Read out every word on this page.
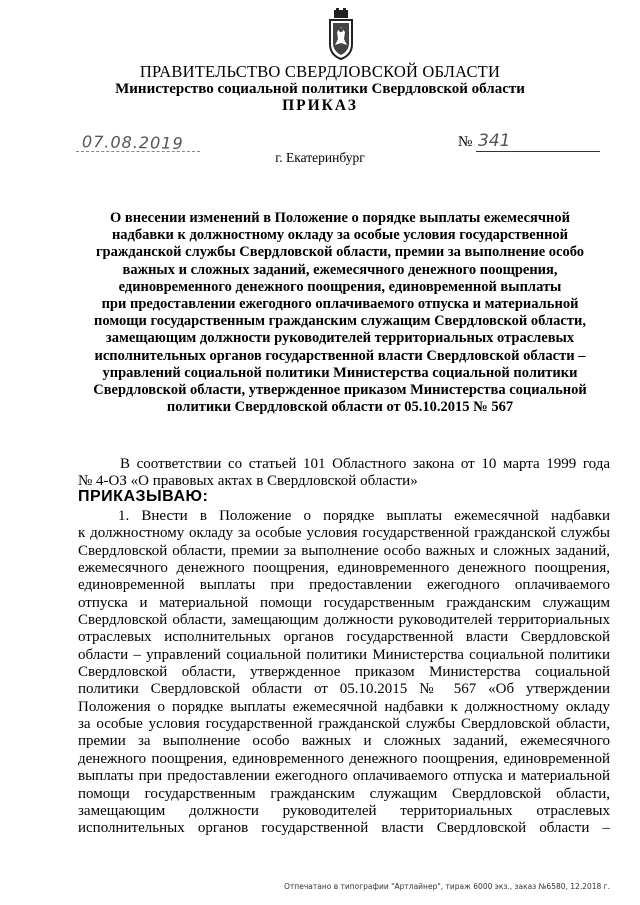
ПРАВИТЕЛЬСТВО СВЕРДЛОВСКОЙ ОБЛАСТИ
Министерство социальной политики Свердловской области
ПРИКАЗ
07.08.2019	№ 341
г. Екатеринбург
О внесении изменений в Положение о порядке выплаты ежемесячной
надбавки к должностному окладу за особые условия государственной
гражданской службы Свердловской области, премии за выполнение особо
важных и сложных заданий, ежемесячного денежного поощрения,
единовременного денежного поощрения, единовременной выплаты
при предоставлении ежегодного оплачиваемого отпуска и материальной
помощи государственным гражданским служащим Свердловской области,
замещающим должности руководителей территориальных отраслевых
исполнительных органов государственной власти Свердловской области –
управлений социальной политики Министерства социальной политики
Свердловской области, утвержденное приказом Министерства социальной
политики Свердловской области от 05.10.2015 № 567
В соответствии со статьей 101 Областного закона от 10 марта 1999 года
№ 4-ОЗ «О правовых актах в Свердловской области»
ПРИКАЗЫВАЮ:
1. Внести в Положение о порядке выплаты ежемесячной надбавки
к должностному окладу за особые условия государственной гражданской службы
Свердловской области, премии за выполнение особо важных и сложных заданий,
ежемесячного денежного поощрения, единовременного денежного поощрения,
единовременной выплаты при предоставлении ежегодного оплачиваемого
отпуска и материальной помощи государственным гражданским служащим
Свердловской области, замещающим должности руководителей территориальных
отраслевых исполнительных органов государственной власти Свердловской
области – управлений социальной политики Министерства социальной политики
Свердловской области, утвержденное приказом Министерства социальной
политики Свердловской области от 05.10.2015 № 567 «Об утверждении
Положения о порядке выплаты ежемесячной надбавки к должностному окладу
за особые условия государственной гражданской службы Свердловской области,
премии за выполнение особо важных и сложных заданий, ежемесячного
денежного поощрения, единовременного денежного поощрения, единовременной
выплаты при предоставлении ежегодного оплачиваемого отпуска и материальной
помощи государственным гражданским служащим Свердловской области,
замещающим должности руководителей территориальных отраслевых
исполнительных органов государственной власти Свердловской области –
Отпечатано в типографии "Артлайнер", тираж 6000 экз., заказ №6580, 12.2018 г.
